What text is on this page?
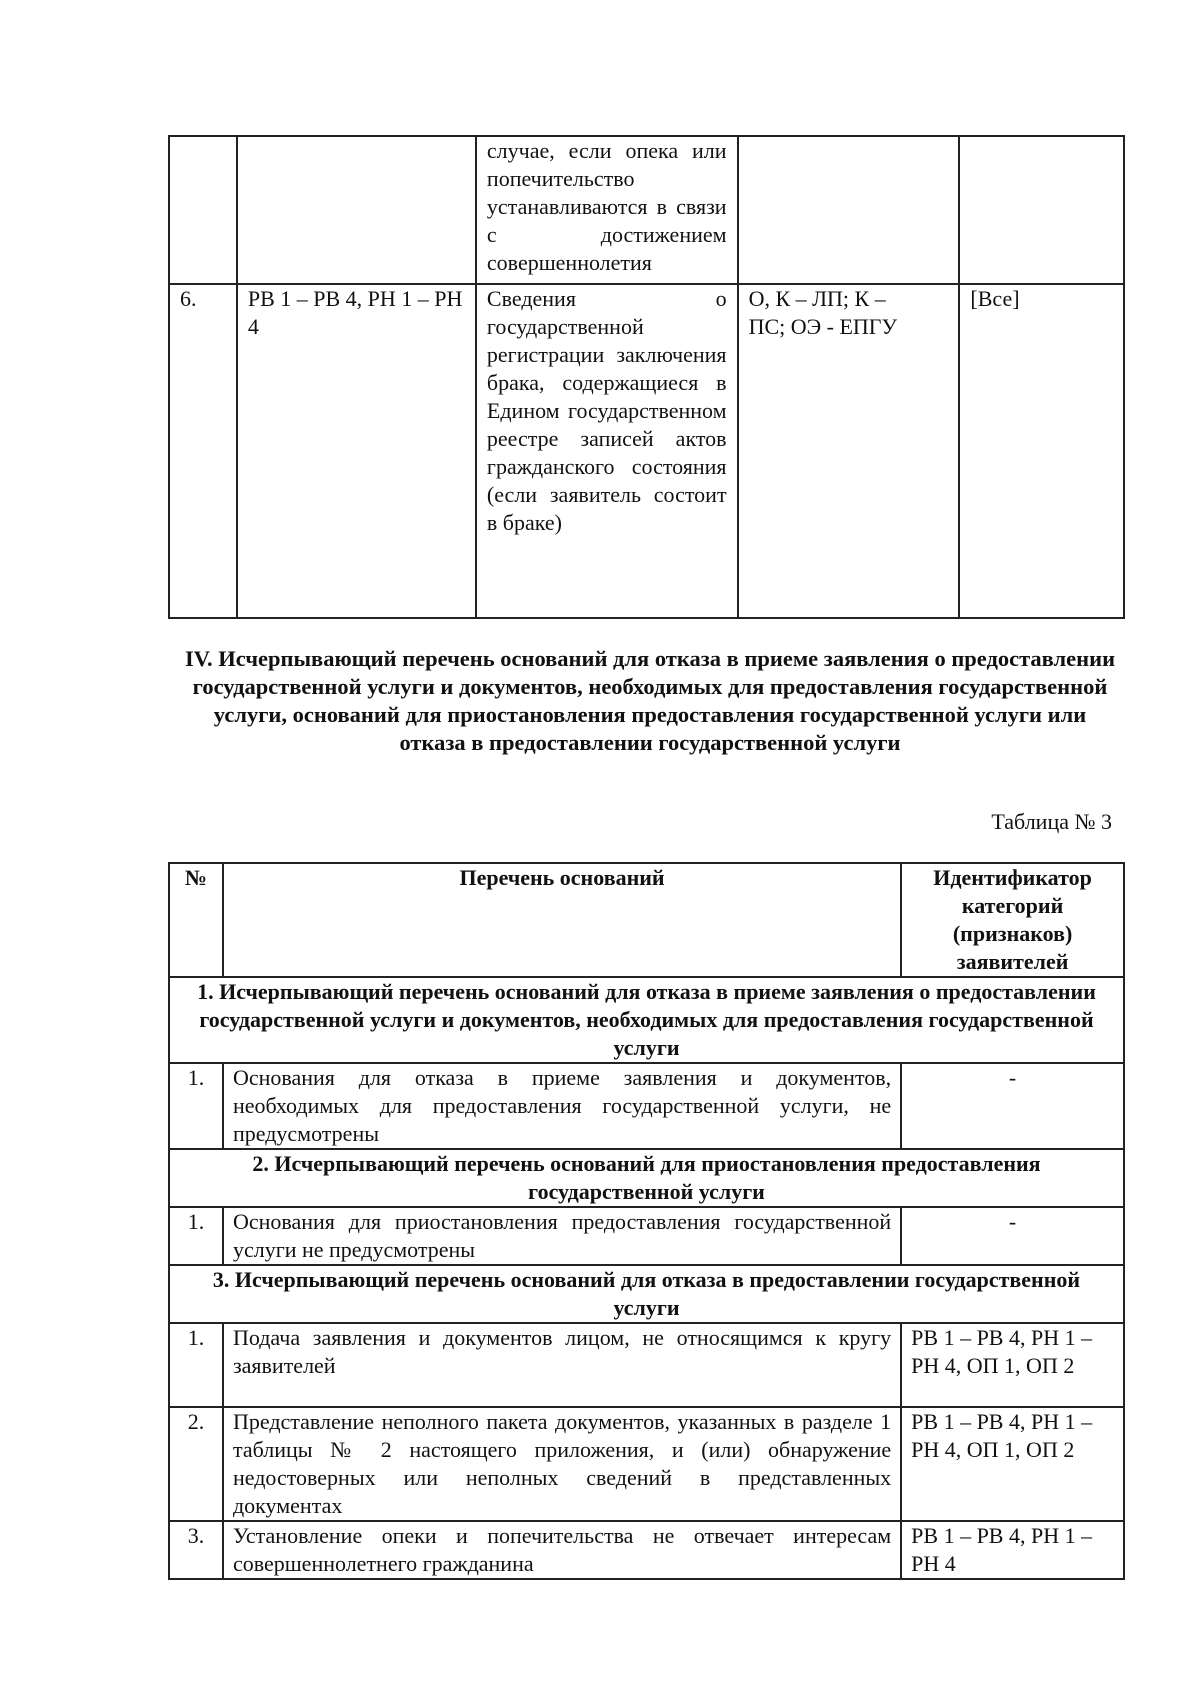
		случае, если опека или попечительство устанавливаются в связи с достижением совершеннолетия		
6.	РВ 1 – РВ 4, РН 1 – РН 4	Сведения о государственной регистрации заключения брака, содержащиеся в Едином государственном реестре записей актов гражданского состояния (если заявитель состоит в браке)	О, К – ЛП; К – ПС; ОЭ - ЕПГУ	[Все]
IV. Исчерпывающий перечень оснований для отказа в приеме заявления о предоставлении государственной услуги и документов, необходимых для предоставления государственной услуги, оснований для приостановления предоставления государственной услуги или отказа в предоставлении государственной услуги
Таблица № 3
№	Перечень оснований	Идентификатор категорий (признаков) заявителей
1. Исчерпывающий перечень оснований для отказа в приеме заявления о предоставлении государственной услуги и документов, необходимых для предоставления государственной услуги		
1.	Основания для отказа в приеме заявления и документов, необходимых для предоставления государственной услуги, не предусмотрены	-
2. Исчерпывающий перечень оснований для приостановления предоставления государственной услуги		
1.	Основания для приостановления предоставления государственной услуги не предусмотрены	-
3. Исчерпывающий перечень оснований для отказа в предоставлении государственной услуги		
1.	Подача заявления и документов лицом, не относящимся к кругу заявителей	РВ 1 – РВ 4, РН 1 – РН 4, ОП 1, ОП 2
2.	Представление неполного пакета документов, указанных в разделе 1 таблицы № 2 настоящего приложения, и (или) обнаружение недостоверных или неполных сведений в представленных документах	РВ 1 – РВ 4, РН 1 – РН 4, ОП 1, ОП 2
3.	Установление опеки и попечительства не отвечает интересам совершеннолетнего гражданина	РВ 1 – РВ 4, РН 1 – РН 4
